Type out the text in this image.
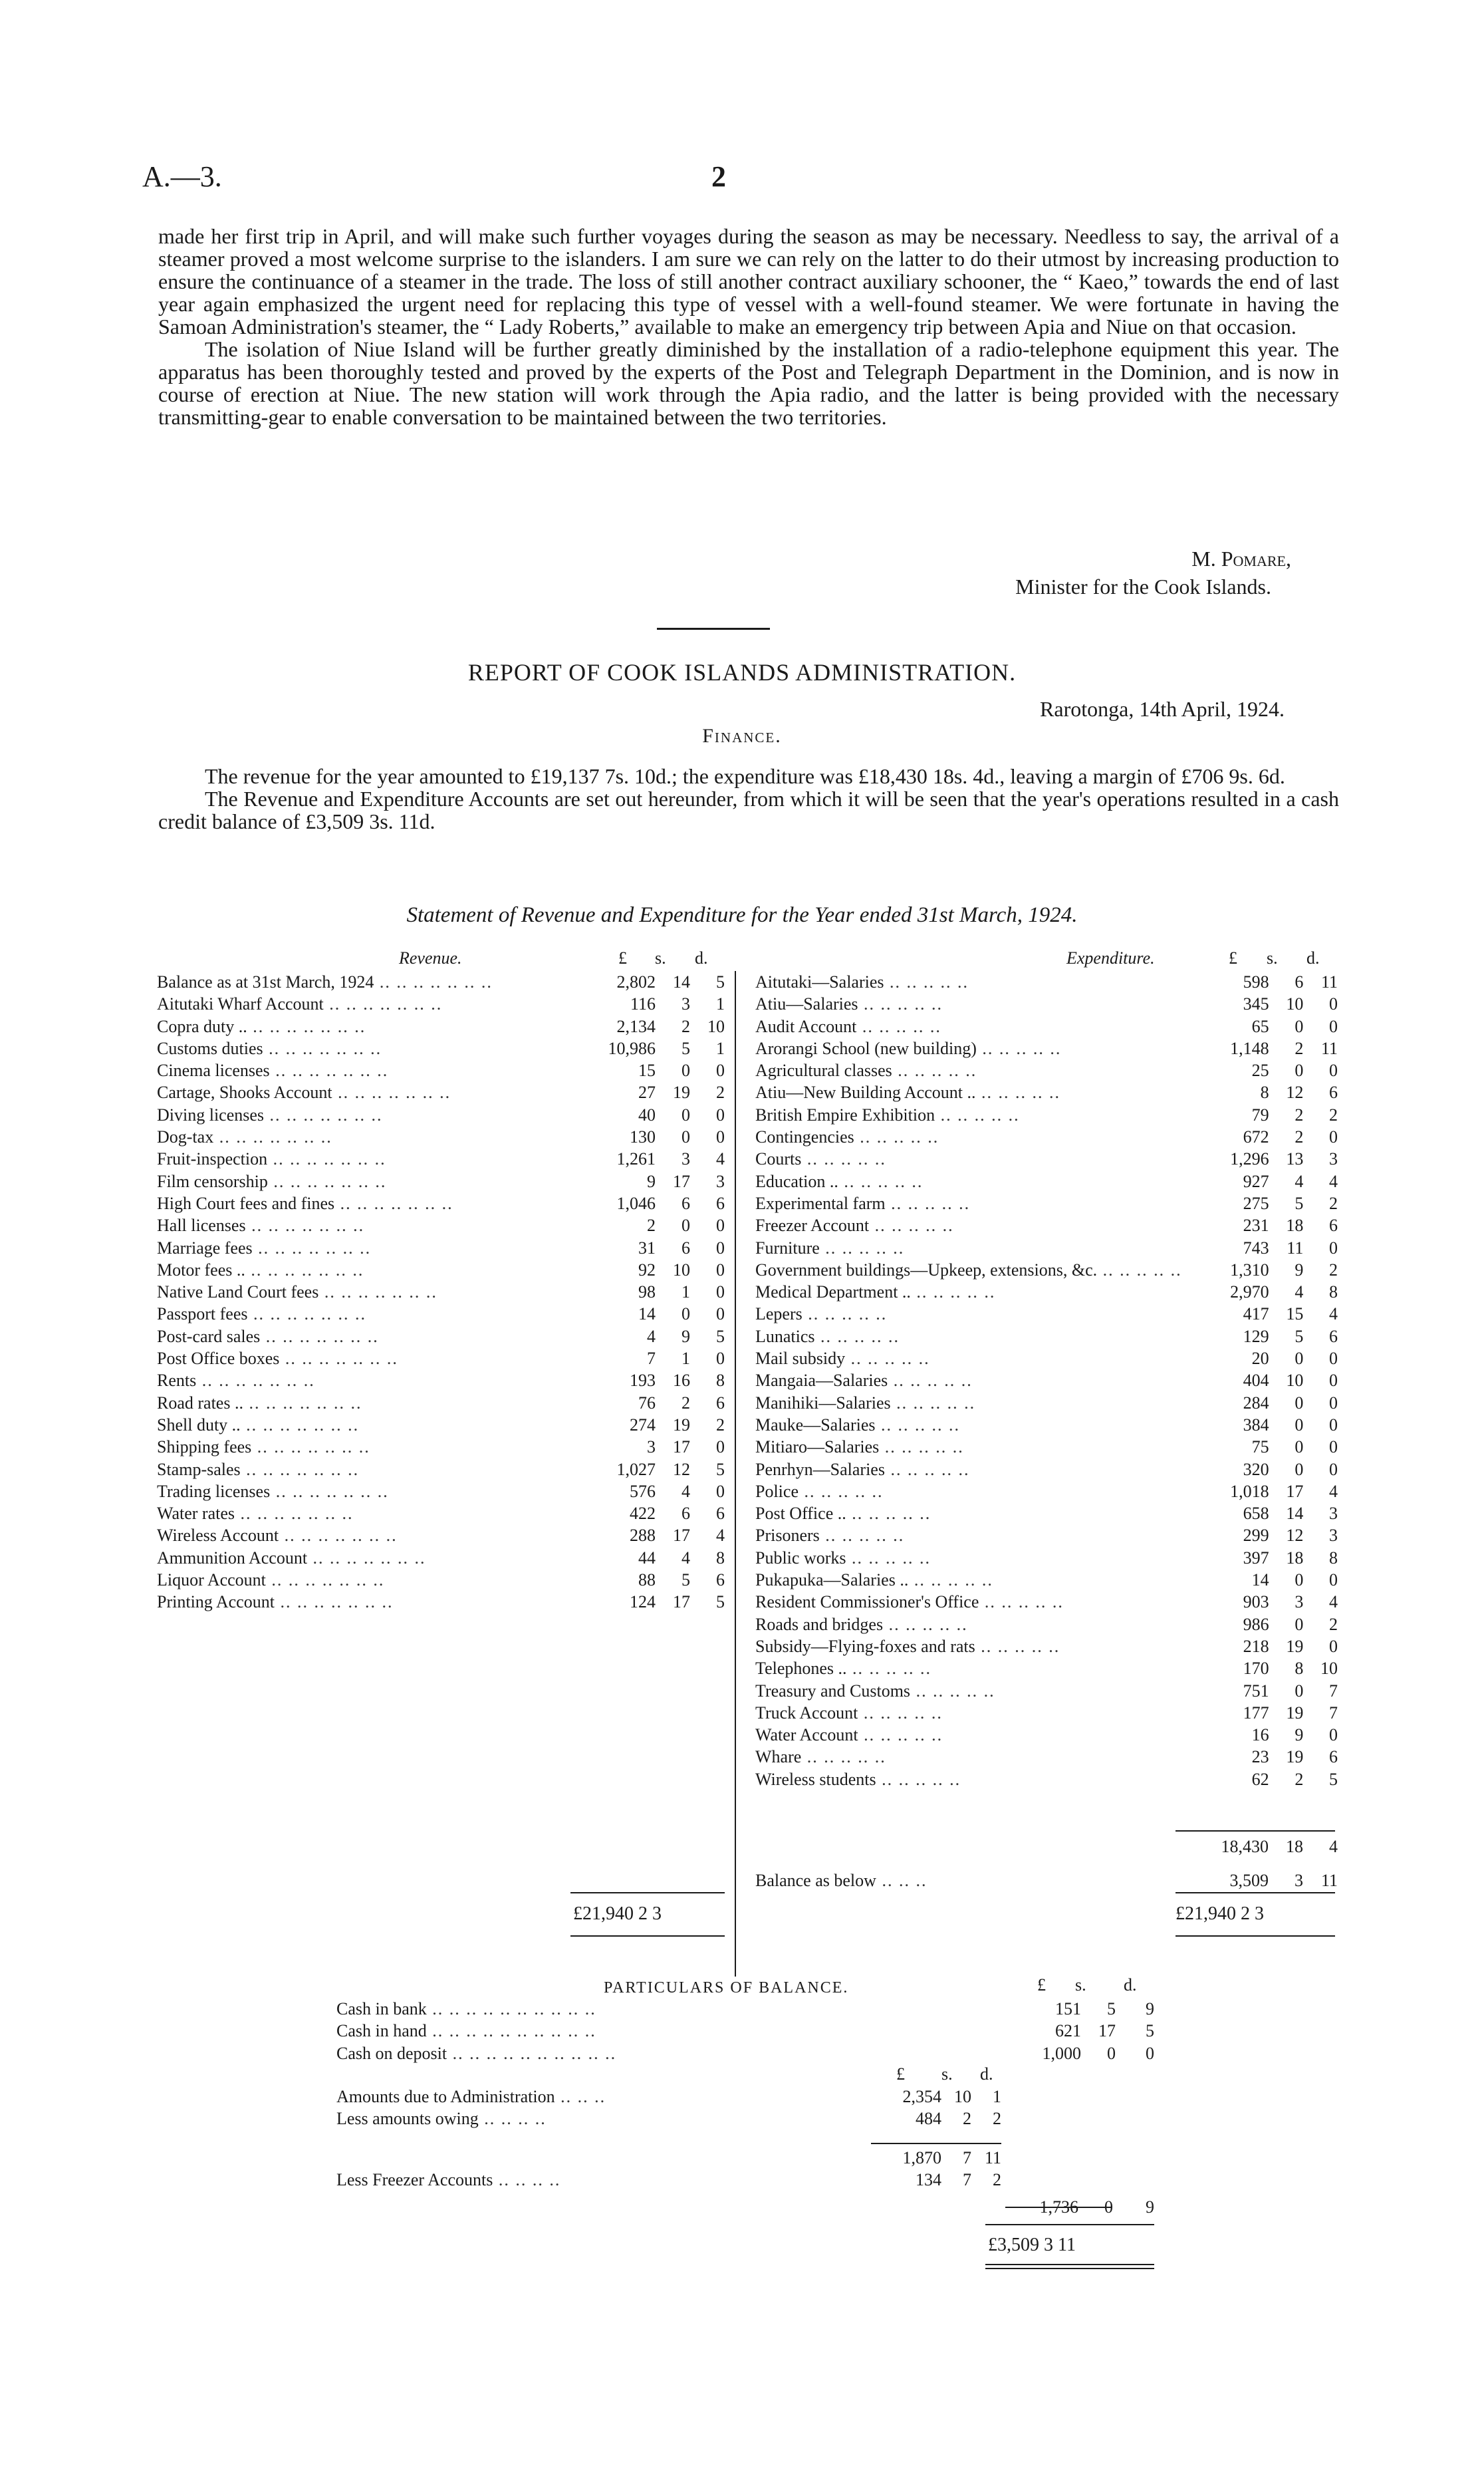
A.—3.	2

made her first trip in April, and will make such further voyages during the season as may be necessary. Needless to say, the arrival of a steamer proved a most welcome surprise to the islanders. I am sure we can rely on the latter to do their utmost by increasing production to ensure the continuance of a steamer in the trade. The loss of still another contract auxiliary schooner, the “ Kaeo,” towards the end of last year again emphasized the urgent need for replacing this type of vessel with a well-found steamer. We were fortunate in having the Samoan Administration's steamer, the “ Lady Roberts,” available to make an emergency trip between Apia and Niue on that occasion.

The isolation of Niue Island will be further greatly diminished by the installation of a radio-telephone equipment this year. The apparatus has been thoroughly tested and proved by the experts of the Post and Telegraph Department in the Dominion, and is now in course of erection at Niue. The new station will work through the Apia radio, and the latter is being provided with the necessary transmitting-gear to enable conversation to be maintained between the two territories.

M. Pomare,
Minister for the Cook Islands.
REPORT OF COOK ISLANDS ADMINISTRATION.
Rarotonga, 14th April, 1924.
Finance.

The revenue for the year amounted to £19,137 7s. 10d.; the expenditure was £18,430 18s. 4d., leaving a margin of £706 9s. 6d.

The Revenue and Expenditure Accounts are set out hereunder, from which it will be seen that the year's operations resulted in a cash credit balance of £3,509 3s. 11d.

Statement of Revenue and Expenditure for the Year ended 31st March, 1924.
Revenue.	£ s. d.
Balance as at 31st March, 1924 .. .. .. .. .. .. ..	2,802	14	5
Aitutaki Wharf Account .. .. .. .. .. .. ..	116	3	1
Copra duty .. .. .. .. .. .. .. ..	2,134	2	10
Customs duties .. .. .. .. .. .. ..	10,986	5	1
Cinema licenses .. .. .. .. .. .. ..	15	0	0
Cartage, Shooks Account .. .. .. .. .. .. ..	27	19	2
Diving licenses .. .. .. .. .. .. ..	40	0	0
Dog-tax .. .. .. .. .. .. ..	130	0	0
Fruit-inspection .. .. .. .. .. .. ..	1,261	3	4
Film censorship .. .. .. .. .. .. ..	9	17	3
High Court fees and fines .. .. .. .. .. .. ..	1,046	6	6
Hall licenses .. .. .. .. .. .. ..	2	0	0
Marriage fees .. .. .. .. .. .. ..	31	6	0
Motor fees .. .. .. .. .. .. .. ..	92	10	0
Native Land Court fees .. .. .. .. .. .. ..	98	1	0
Passport fees .. .. .. .. .. .. ..	14	0	0
Post-card sales .. .. .. .. .. .. ..	4	9	5
Post Office boxes .. .. .. .. .. .. ..	7	1	0
Rents .. .. .. .. .. .. ..	193	16	8
Road rates .. .. .. .. .. .. .. ..	76	2	6
Shell duty .. .. .. .. .. .. .. ..	274	19	2
Shipping fees .. .. .. .. .. .. ..	3	17	0
Stamp-sales .. .. .. .. .. .. ..	1,027	12	5
Trading licenses .. .. .. .. .. .. ..	576	4	0
Water rates .. .. .. .. .. .. ..	422	6	6
Wireless Account .. .. .. .. .. .. ..	288	17	4
Ammunition Account .. .. .. .. .. .. ..	44	4	8
Liquor Account .. .. .. .. .. .. ..	88	5	6
Printing Account .. .. .. .. .. .. ..	124	17	5
Expenditure.	£ s. d.
Aitutaki—Salaries .. .. .. .. ..	598	6	11
Atiu—Salaries .. .. .. .. ..	345	10	0
Audit Account .. .. .. .. ..	65	0	0
Arorangi School (new building) .. .. .. .. ..	1,148	2	11
Agricultural classes .. .. .. .. ..	25	0	0
Atiu—New Building Account .. .. .. .. .. ..	8	12	6
British Empire Exhibition .. .. .. .. ..	79	2	2
Contingencies .. .. .. .. ..	672	2	0
Courts .. .. .. .. ..	1,296	13	3
Education .. .. .. .. .. ..	927	4	4
Experimental farm .. .. .. .. ..	275	5	2
Freezer Account .. .. .. .. ..	231	18	6
Furniture .. .. .. .. ..	743	11	0
Government buildings—Upkeep, extensions, &c. .. .. .. .. ..	1,310	9	2
Medical Department .. .. .. .. .. ..	2,970	4	8
Lepers .. .. .. .. ..	417	15	4
Lunatics .. .. .. .. ..	129	5	6
Mail subsidy .. .. .. .. ..	20	0	0
Mangaia—Salaries .. .. .. .. ..	404	10	0
Manihiki—Salaries .. .. .. .. ..	284	0	0
Mauke—Salaries .. .. .. .. ..	384	0	0
Mitiaro—Salaries .. .. .. .. ..	75	0	0
Penrhyn—Salaries .. .. .. .. ..	320	0	0
Police .. .. .. .. ..	1,018	17	4
Post Office .. .. .. .. .. ..	658	14	3
Prisoners .. .. .. .. ..	299	12	3
Public works .. .. .. .. ..	397	18	8
Pukapuka—Salaries .. .. .. .. .. ..	14	0	0
Resident Commissioner's Office .. .. .. .. ..	903	3	4
Roads and bridges .. .. .. .. ..	986	0	2
Subsidy—Flying-foxes and rats .. .. .. .. ..	218	19	0
Telephones .. .. .. .. .. ..	170	8	10
Treasury and Customs .. .. .. .. ..	751	0	7
Truck Account .. .. .. .. ..	177	19	7
Water Account .. .. .. .. ..	16	9	0
Whare .. .. .. .. ..	23	19	6
Wireless students .. .. .. .. ..	62	2	5
	18,430	18	4
Balance as below .. .. ..	3,509	3	11
£21,940 2 3	£21,940 2 3
PARTICULARS OF BALANCE.	£ s. d.
Cash in bank .. .. .. .. .. .. .. .. .. ..	151	5	9
Cash in hand .. .. .. .. .. .. .. .. .. ..	621	17	5
Cash on deposit .. .. .. .. .. .. .. .. .. ..	1,000	0	0
£ s. d.
Amounts due to Administration .. .. ..	2,354	10	1
Less amounts owing .. .. .. ..	484	2	2
	1,870	7	11
Less Freezer Accounts .. .. .. ..	134	7	2
1,736	0	9
£3,509 3 11
